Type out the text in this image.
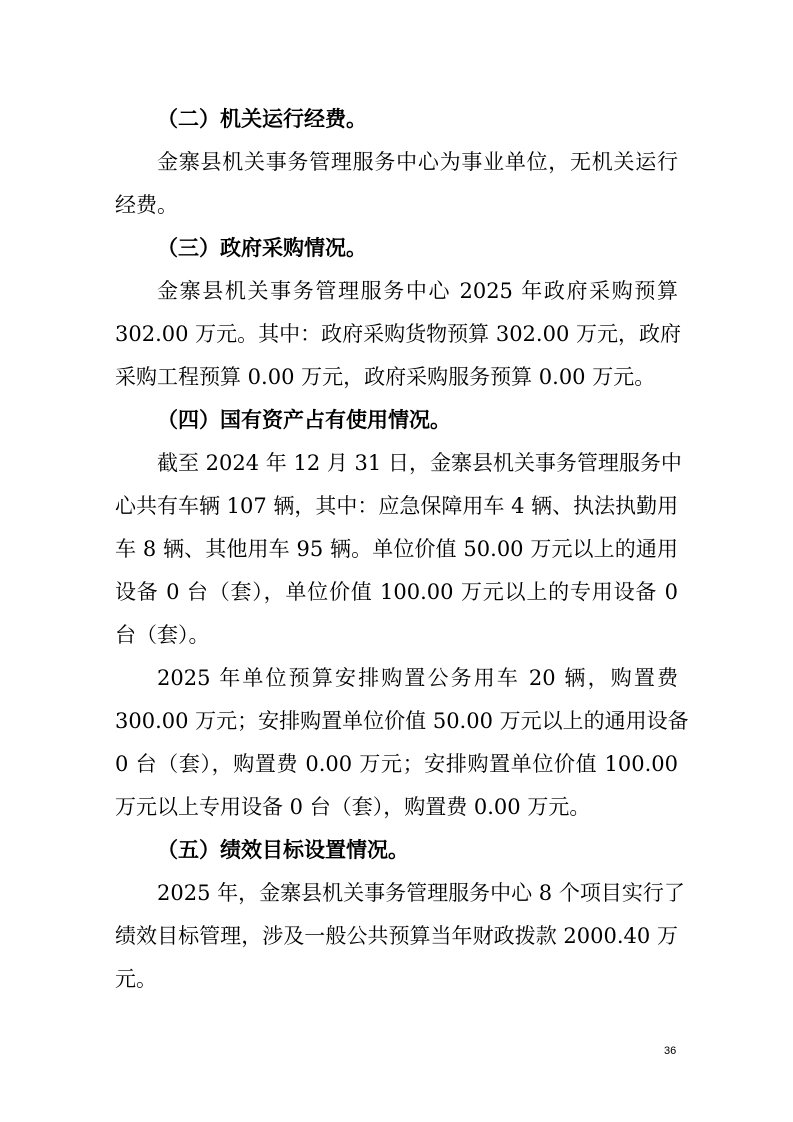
（二）机关运行经费。

金寨县机关事务管理服务中心为事业单位，无机关运行

经费。

（三）政府采购情况。

金寨县机关事务管理服务中心 2025 年政府采购预算

302.00 万元。其中：政府采购货物预算 302.00 万元，政府

采购工程预算 0.00 万元，政府采购服务预算 0.00 万元。

（四）国有资产占有使用情况。

截至 2024 年 12 月 31 日，金寨县机关事务管理服务中

心共有车辆 107 辆，其中：应急保障用车 4 辆、执法执勤用

车 8 辆、其他用车 95 辆。单位价值 50.00 万元以上的通用

设备 0 台（套），单位价值 100.00 万元以上的专用设备 0

台（套）。

2025 年单位预算安排购置公务用车 20 辆，购置费

300.00 万元；安排购置单位价值 50.00 万元以上的通用设备

0 台（套），购置费 0.00 万元；安排购置单位价值 100.00

万元以上专用设备 0 台（套），购置费 0.00 万元。

（五）绩效目标设置情况。

2025 年，金寨县机关事务管理服务中心 8 个项目实行了

绩效目标管理，涉及一般公共预算当年财政拨款 2000.40 万

元。

36
